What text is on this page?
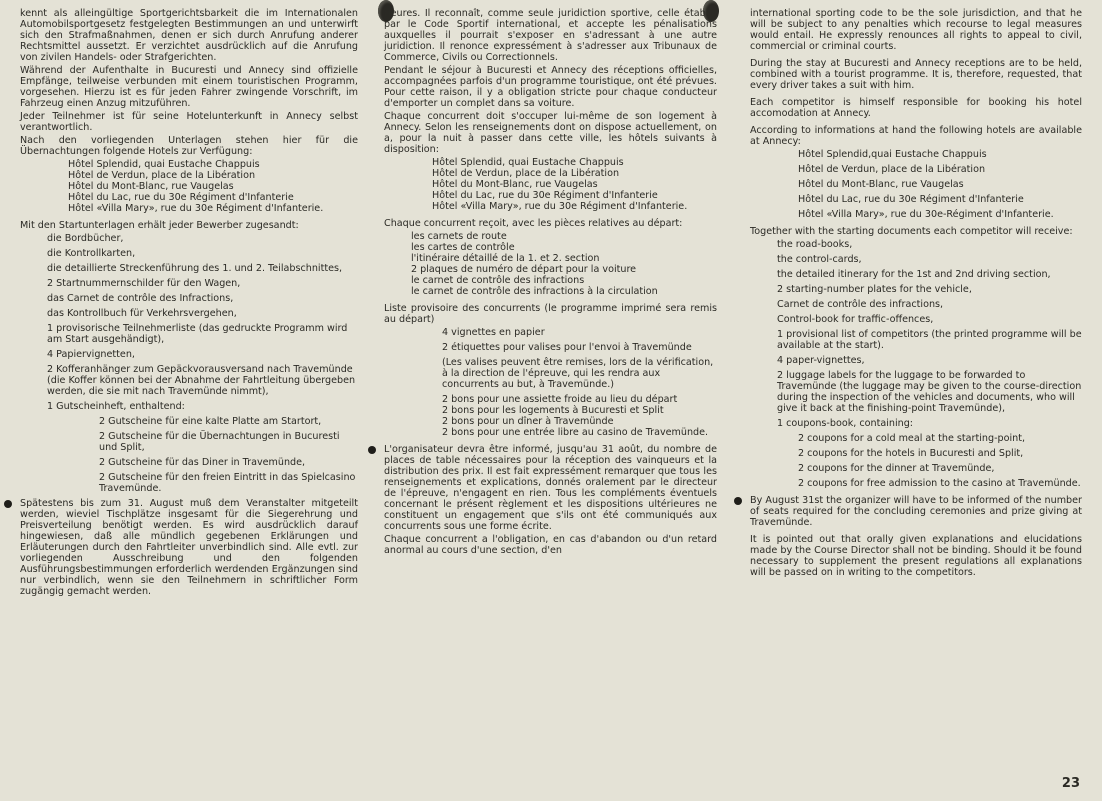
kennt als alleingültige Sportgerichtsbarkeit die im Internationalen Automobilsportgesetz festgelegten Bestimmungen an und unterwirft sich den Strafmaßnahmen, denen er sich durch Anrufung anderer Rechtsmittel aussetzt. Er verzichtet ausdrücklich auf die Anrufung von zivilen Handels- oder Strafgerichten.

Während der Aufenthalte in Bucuresti und Annecy sind offizielle Empfänge, teilweise verbunden mit einem touristischen Programm, vorgesehen. Hierzu ist es für jeden Fahrer zwingende Vorschrift, im Fahrzeug einen Anzug mitzuführen.

Jeder Teilnehmer ist für seine Hotelunterkunft in Annecy selbst verantwortlich.

Nach den vorliegenden Unterlagen stehen hier für die Übernachtungen folgende Hotels zur Verfügung:

Hôtel Splendid, quai Eustache Chappuis

Hôtel de Verdun, place de la Libération

Hôtel du Mont-Blanc, rue Vaugelas

Hôtel du Lac, rue du 30e Régiment d'Infanterie

Hôtel «Villa Mary», rue du 30e Régiment d'Infanterie.

Mit den Startunterlagen erhält jeder Bewerber zugesandt:

die Bordbücher,

die Kontrollkarten,

die detaillierte Streckenführung des 1. und 2. Teilabschnittes,

2 Startnummernschilder für den Wagen,

das Carnet de contrôle des Infractions,

das Kontrollbuch für Verkehrsvergehen,

1 provisorische Teilnehmerliste (das gedruckte Programm wird am Start ausgehändigt),

4 Papiervignetten,

2 Kofferanhänger zum Gepäckvorausversand nach Travemünde (die Koffer können bei der Abnahme der Fahrtleitung übergeben werden, die sie mit nach Travemünde nimmt),

1 Gutscheinheft, enthaltend:

2 Gutscheine für eine kalte Platte am Startort,

2 Gutscheine für die Übernachtungen in Bucuresti und Split,

2 Gutscheine für das Diner in Travemünde,

2 Gutscheine für den freien Eintritt in das Spielcasino Travemünde.

Spätestens bis zum 31. August muß dem Veranstalter mitgeteilt werden, wieviel Tischplätze insgesamt für die Siegerehrung und Preisverteilung benötigt werden. Es wird ausdrücklich darauf hingewiesen, daß alle mündlich gegebenen Erklärungen und Erläuterungen durch den Fahrtleiter unverbindlich sind. Alle evtl. zur vorliegenden Ausschreibung und den folgenden Ausführungsbestimmungen erforderlich werdenden Ergänzungen sind nur verbindlich, wenn sie den Teilnehmern in schriftlicher Form zugängig gemacht werden.

rieures. Il reconnaît, comme seule juridiction sportive, celle établie par le Code Sportif international, et accepte les pénalisations auxquelles il pourrait s'exposer en s'adressant à une autre juridiction. Il renonce expressément à s'adresser aux Tribunaux de Commerce, Civils ou Correctionnels.

Pendant le séjour à Bucuresti et Annecy des réceptions officielles, accompagnées parfois d'un programme touristique, ont été prévues. Pour cette raison, il y a obligation stricte pour chaque conducteur d'emporter un complet dans sa voiture.

Chaque concurrent doit s'occuper lui-même de son logement à Annecy. Selon les renseignements dont on dispose actuellement, on a, pour la nuit à passer dans cette ville, les hôtels suivants à disposition:

Hôtel Splendid, quai Eustache Chappuis

Hôtel de Verdun, place de la Libération

Hôtel du Mont-Blanc, rue Vaugelas

Hôtel du Lac, rue du 30e Régiment d'Infanterie

Hôtel «Villa Mary», rue du 30e Régiment d'Infanterie.

Chaque concurrent reçoit, avec les pièces relatives au départ:

les carnets de route

les cartes de contrôle

l'itinéraire détaillé de la 1. et 2. section

2 plaques de numéro de départ pour la voiture

le carnet de contrôle des infractions

le carnet de contrôle des infractions à la circulation

Liste provisoire des concurrents (le programme imprimé sera remis au départ)

4 vignettes en papier

2 étiquettes pour valises pour l'envoi à Travemünde

(Les valises peuvent être remises, lors de la vérification, à la direction de l'épreuve, qui les rendra aux concurrents au but, à Travemünde.)

2 bons pour une assiette froide au lieu du départ

2 bons pour les logements à Bucuresti et Split

2 bons pour un dîner à Travemünde

2 bons pour une entrée libre au casino de Travemünde.

L'organisateur devra être informé, jusqu'au 31 août, du nombre de places de table nécessaires pour la réception des vainqueurs et la distribution des prix. Il est fait expressément remarquer que tous les renseignements et explications, donnés oralement par le directeur de l'épreuve, n'engagent en rien. Tous les compléments éventuels concernant le présent règlement et les dispositions ultérieures ne constituent un engagement que s'ils ont été communiqués aux concurrents sous une forme écrite.

Chaque concurrent a l'obligation, en cas d'abandon ou d'un retard anormal au cours d'une section, d'en

international sporting code to be the sole jurisdiction, and that he will be subject to any penalties which recourse to legal measures would entail. He expressly renounces all rights to appeal to civil, commercial or criminal courts.

During the stay at Bucuresti and Annecy receptions are to be held, combined with a tourist programme. It is, therefore, requested, that every driver takes a suit with him.

Each competitor is himself responsible for booking his hotel accomodation at Annecy.

According to informations at hand the following hotels are available at Annecy:

Hôtel Splendid,quai Eustache Chappuis

Hôtel de Verdun, place de la Libération

Hôtel du Mont-Blanc, rue Vaugelas

Hôtel du Lac, rue du 30e Régiment d'Infanterie

Hôtel «Villa Mary», rue du 30e-Régiment d'Infanterie.

Together with the starting documents each competitor will receive:

the road-books,

the control-cards,

the detailed itinerary for the 1st and 2nd driving section,

2 starting-number plates for the vehicle,

Carnet de contrôle des infractions,

Control-book for traffic-offences,

1 provisional list of competitors (the printed programme will be available at the start).

4 paper-vignettes,

2 luggage labels for the luggage to be forwarded to Travemünde (the luggage may be given to the course-direction during the inspection of the vehicles and documents, who will give it back at the finishing-point Travemünde),

1 coupons-book, containing:

2 coupons for a cold meal at the starting-point,

2 coupons for the hotels in Bucuresti and Split,

2 coupons for the dinner at Travemünde,

2 coupons for free admission to the casino at Travemünde.

By August 31st the organizer will have to be informed of the number of seats required for the concluding ceremonies and prize giving at Travemünde.

It is pointed out that orally given explanations and elucidations made by the Course Director shall not be binding. Should it be found necessary to supplement the present regulations all explanations will be passed on in writing to the competitors.

23
